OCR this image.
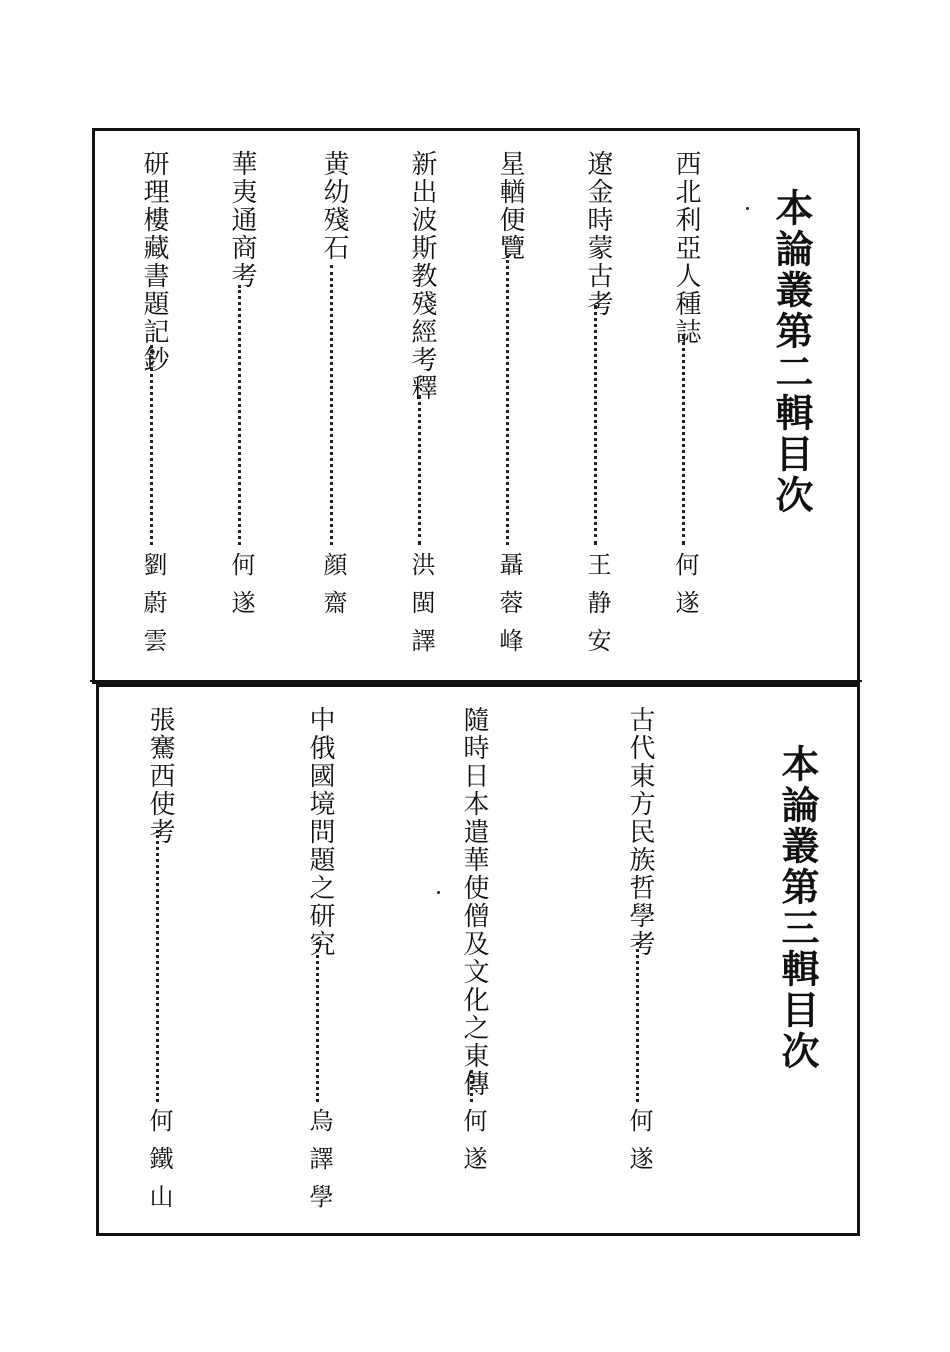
本論叢第二輯目次
西北利亞人種誌
何遂
遼金時蒙古考
王静安
星輶便覽
聶蓉峰
新出波斯教殘經考釋
洪閩譯
黄幼殘石
顔齋
華夷通商考
何遂
研理樓藏書題記鈔
劉蔚雲
本論叢第三輯目次
古代東方民族哲學考
何遂
隨時日本遣華使僧及文化之東傳
何遂
中俄國境問題之研究
烏譯學
張騫西使考
何鐵山
